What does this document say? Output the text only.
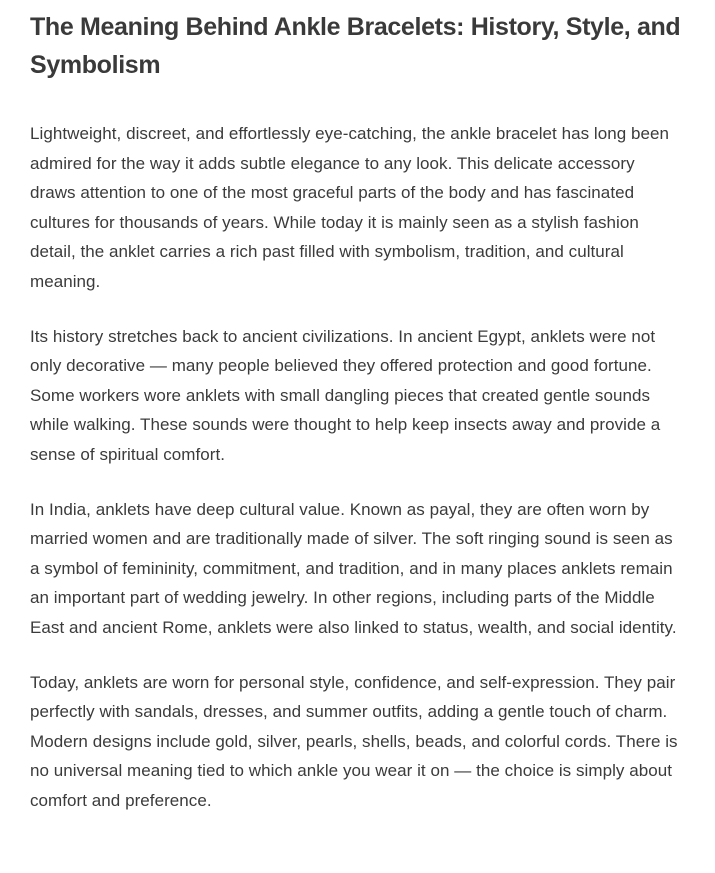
The Meaning Behind Ankle Bracelets: History, Style, and Symbolism

Lightweight, discreet, and effortlessly eye-catching, the ankle bracelet has long been admired for the way it adds subtle elegance to any look. This delicate accessory draws attention to one of the most graceful parts of the body and has fascinated cultures for thousands of years. While today it is mainly seen as a stylish fashion detail, the anklet carries a rich past filled with symbolism, tradition, and cultural meaning.

Its history stretches back to ancient civilizations. In ancient Egypt, anklets were not only decorative — many people believed they offered protection and good fortune. Some workers wore anklets with small dangling pieces that created gentle sounds while walking. These sounds were thought to help keep insects away and provide a sense of spiritual comfort.

In India, anklets have deep cultural value. Known as payal, they are often worn by married women and are traditionally made of silver. The soft ringing sound is seen as a symbol of femininity, commitment, and tradition, and in many places anklets remain an important part of wedding jewelry. In other regions, including parts of the Middle East and ancient Rome, anklets were also linked to status, wealth, and social identity.

Today, anklets are worn for personal style, confidence, and self-expression. They pair perfectly with sandals, dresses, and summer outfits, adding a gentle touch of charm. Modern designs include gold, silver, pearls, shells, beads, and colorful cords. There is no universal meaning tied to which ankle you wear it on — the choice is simply about comfort and preference.
